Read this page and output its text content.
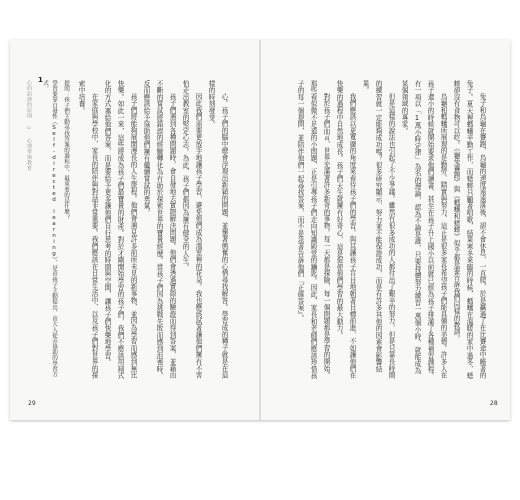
心的訪談的原則 ▫ 心理學與教育 1	學習要靠自發性（Self-directed learning），是由孩子主動提出、由大人從旁協助的學習方式。	提問：孩子們主動尋找答案的過程中，最重要的是什麼？	心。孩子們的腦中總會浮現出新穎的問題，並懷著興奮的心情尋找解答。學習成的種子就是在這樣的時刻發芽。
因此我們需要更放手地讓孩子學習，避免他們成為溫室裡的花朵。我也應該試著讓他們擁有不害怕走出教室的堅定心志。為此，孩子們都因為擁有健全的人生。
孩子們遇到各種問題時，會自發地去實際解決問題。他們會透過實際的驗證而得到答案，並藉由不斷的嘗試將錯誤的經驗轉化為有助於探索世界的寶貴經歷。當孩子們因為挑戰失敗而感到沮喪時，反而應該給予協助他們擁有繼續嘗試的勇氣。
孩子們將能夠展開漫長的人生旅程。他們會遇見許多前所未見的新事物，並因為學習而感到無比快樂。如此一來，這些將成為孩子們最寶貴的財產。對於才剛開始學習的孩子們，我們不應該用制式化的方式塞給他們答案，而是要給予更多讓他們自行思考的時間與空間，讓孩子們快樂地學習。
在家庭與學校中，家長的陪伴與對話非常重要。我們應該在日常生活中，以及孩子們對世界的探索中培養。
29
兔子和烏龜在賽跑，烏龜的速度遠遠落後，卻不會休息，一直爬，於是贏過了在比賽途中睡著的兔子。夏天裡螞蟻辛勤工作，而蟋蟀只顧著唱歌，結果寒冬來臨的時候，螞蟻在溫暖的家中過冬，蟋蟀卻沒有食物可以吃。《龜兔賽跑》與《螞蟻和蟋蟀》似乎都是要告訴我們同樣的教訓。
烏龜和螞蟻所展現的是勤勞、踏實與努力，這正是很多家長希望孩子們能具備的美德。許多人在孩子還小的時候就開始要求他們讀書，甚至在孩子升上國小以前就已經為孩子排滿了各種補習課程。有一項以「1萬小時定律」為名的理論，認為不論是誰，只要持續努力練習一萬個小時，就能成為某個領域的專家。
但是這樣的說法也引起了不少爭議。雖然有很多成功的人都付出了艱辛的努力，但是只靠長時間的練習就一定能夠成功嗎？很多研究顯示，努力並不能保證成功，而是有許多其他的因素會影響結果。
我們應該以更寬廣的角度來看待孩子們的學習。與其讓孩子盲目地朝著目標前進，不如讓他們在快樂的過程中自然地成長。孩子們天生就擁有好奇心，這是促使他們學習的最大動力。
對於孩子們而言，世界充滿著許多新奇的事物。每一天都是探險，每一個問題都是學習的開始。那些看似微不足道的小問題，正是引導孩子們走向知識殿堂的鑰匙。因此，家長和老師們應該珍惜孩子的每一個提問，並陪伴他們一起尋找答案，而不是急著告訴他們『正確答案』。
28
